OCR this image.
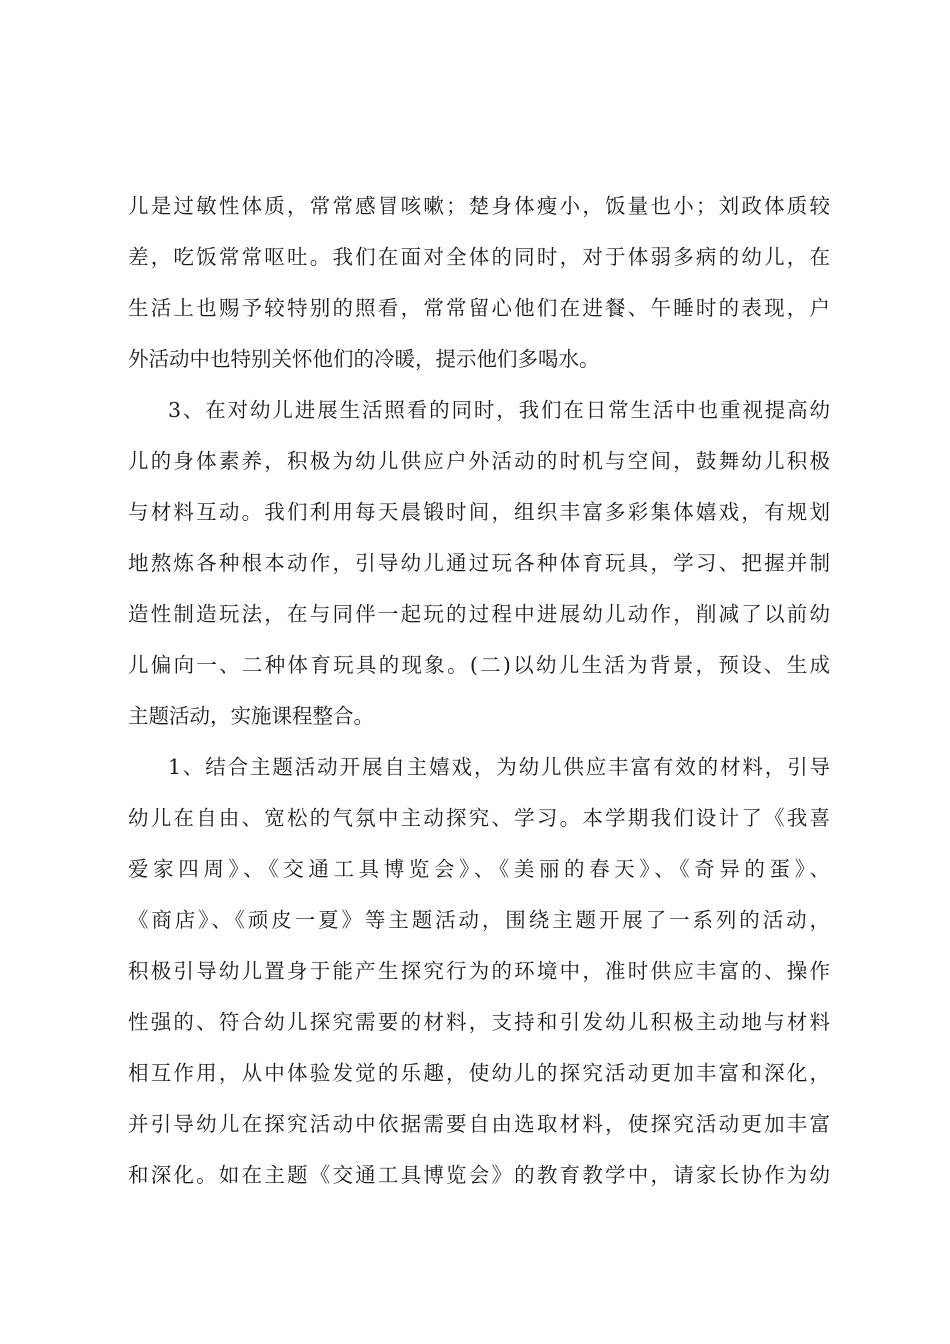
儿是过敏性体质，常常感冒咳嗽；楚身体瘦小，饭量也小；刘政体质较
差，吃饭常常呕吐。我们在面对全体的同时，对于体弱多病的幼儿，在
生活上也赐予较特别的照看，常常留心他们在进餐、午睡时的表现，户
外活动中也特别关怀他们的冷暖，提示他们多喝水。
3、在对幼儿进展生活照看的同时，我们在日常生活中也重视提高幼
儿的身体素养，积极为幼儿供应户外活动的时机与空间，鼓舞幼儿积极
与材料互动。我们利用每天晨锻时间，组织丰富多彩集体嬉戏，有规划
地熬炼各种根本动作，引导幼儿通过玩各种体育玩具，学习、把握并制
造性制造玩法，在与同伴一起玩的过程中进展幼儿动作，削减了以前幼
儿偏向一、二种体育玩具的现象。(二)以幼儿生活为背景，预设、生成
主题活动，实施课程整合。
1、结合主题活动开展自主嬉戏，为幼儿供应丰富有效的材料，引导
幼儿在自由、宽松的气氛中主动探究、学习。本学期我们设计了《我喜
爱家四周》、《交通工具博览会》、《美丽的春天》、《奇异的蛋》、
《商店》、《顽皮一夏》等主题活动，围绕主题开展了一系列的活动，
积极引导幼儿置身于能产生探究行为的环境中，准时供应丰富的、操作
性强的、符合幼儿探究需要的材料，支持和引发幼儿积极主动地与材料
相互作用，从中体验发觉的乐趣，使幼儿的探究活动更加丰富和深化，
并引导幼儿在探究活动中依据需要自由选取材料，使探究活动更加丰富
和深化。如在主题《交通工具博览会》的教育教学中，请家长协作为幼
